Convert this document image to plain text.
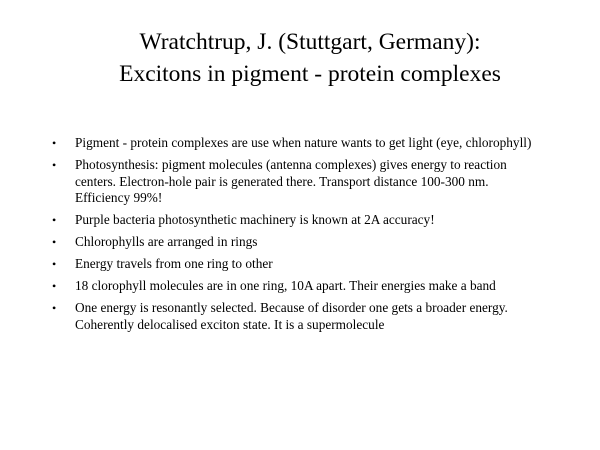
Wratchtrup, J. (Stuttgart, Germany):
Excitons in pigment - protein complexes
• Pigment - protein complexes are use when nature wants to get light (eye, chlorophyll)
• Photosynthesis: pigment molecules (antenna complexes) gives energy to reaction centers. Electron-hole pair is generated there. Transport distance 100-300 nm. Efficiency 99%!
• Purple bacteria photosynthetic machinery is known at 2A accuracy!
• Chlorophylls are arranged in rings
• Energy travels from one ring to other
• 18 clorophyll molecules are in one ring, 10A apart. Their energies make a band
• One energy is resonantly selected. Because of disorder one gets a broader energy. Coherently delocalised exciton state. It is a supermolecule
